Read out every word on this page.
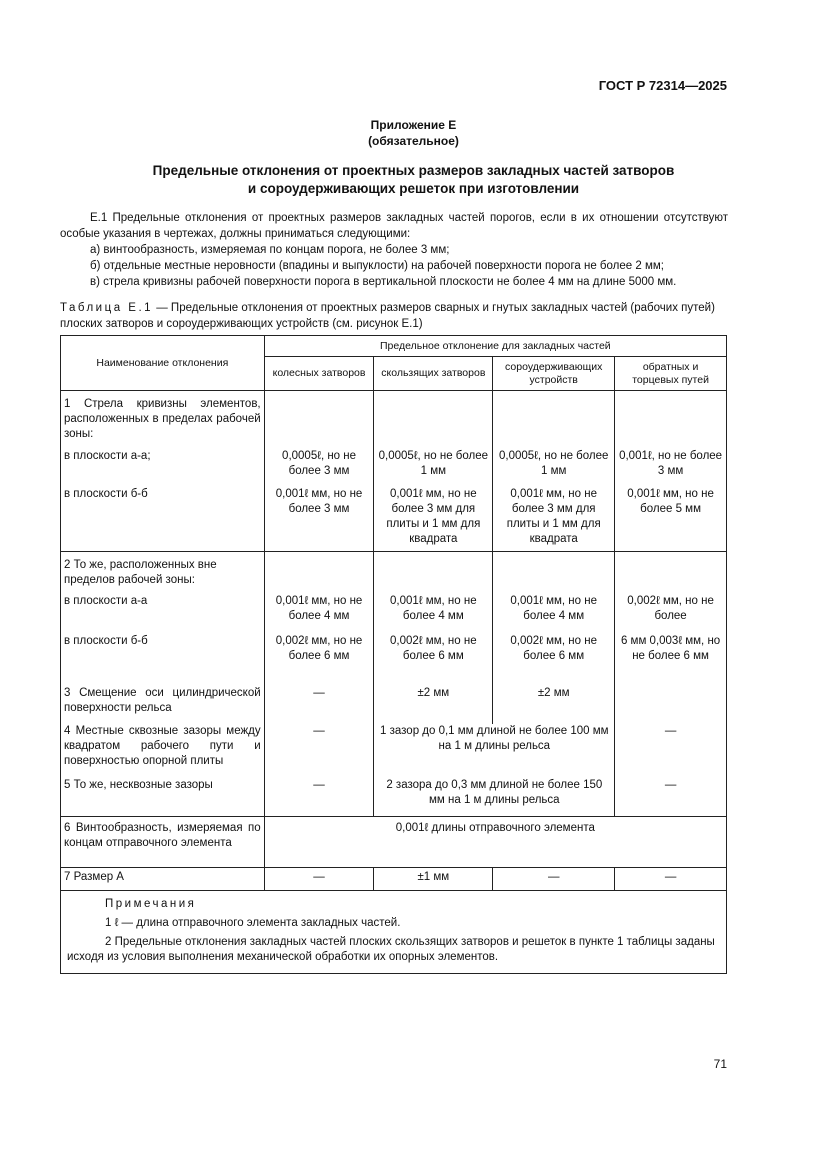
ГОСТ Р 72314—2025
Приложение Е
(обязательное)
Предельные отклонения от проектных размеров закладных частей затворов
и сороудерживающих решеток при изготовлении
Е.1 Предельные отклонения от проектных размеров закладных частей порогов, если в их отношении отсутствуют особые указания в чертежах, должны приниматься следующими:
а) винтообразность, измеряемая по концам порога, не более 3 мм;
б) отдельные местные неровности (впадины и выпуклости) на рабочей поверхности порога не более 2 мм;
в) стрела кривизны рабочей поверхности порога в вертикальной плоскости не более 4 мм на длине 5000 мм.
Таблица Е.1 — Предельные отклонения от проектных размеров сварных и гнутых закладных частей (рабочих путей) плоских затворов и сороудерживающих устройств (см. рисунок Е.1)
Наименование отклонения	Предельное отклонение для закладных частей			
	колесных затворов	скользящих затворов	сороудерживающих устройств	обратных и торцевых путей
1 Стрела кривизны элементов, расположенных в пределах рабочей зоны:				
в плоскости а-а;	0,0005ℓ, но не более 3 мм	0,0005ℓ, но не более 1 мм	0,0005ℓ, но не более 1 мм	0,001ℓ, но не более 3 мм
в плоскости б-б	0,001ℓ мм, но не более 3 мм	0,001ℓ мм, но не более 3 мм для плиты и 1 мм для квадрата	0,001ℓ мм, но не более 3 мм для плиты и 1 мм для квадрата	0,001ℓ мм, но не более 5 мм
2 То же, расположенных вне пределов рабочей зоны:				
в плоскости а-а	0,001ℓ мм, но не более 4 мм	0,001ℓ мм, но не более 4 мм	0,001ℓ мм, но не более 4 мм	0,002ℓ мм, но не более
в плоскости б-б	0,002ℓ мм, но не более 6 мм	0,002ℓ мм, но не более 6 мм	0,002ℓ мм, но не более 6 мм	6 мм 0,003ℓ мм, но не более 6 мм
3 Смещение оси цилиндрической поверхности рельса	—	±2 мм	±2 мм	
4 Местные сквозные зазоры между квадратом рабочего пути и поверхностью опорной плиты	—	1 зазор до 0,1 мм длиной не более 100 мм на 1 м длины рельса		—
5 То же, несквозные зазоры	—	2 зазора до 0,3 мм длиной не более 150 мм на 1 м длины рельса		—
6 Винтообразность, измеряемая по концам отправочного элемента	0,001ℓ длины отправочного элемента			
7 Размер А	—	±1 мм	—	—

Примечания
1 ℓ — длина отправочного элемента закладных частей.
2 Предельные отклонения закладных частей плоских скользящих затворов и решеток в пункте 1 таблицы заданы исходя из условия выполнения механической обработки их опорных элементов.				
71
